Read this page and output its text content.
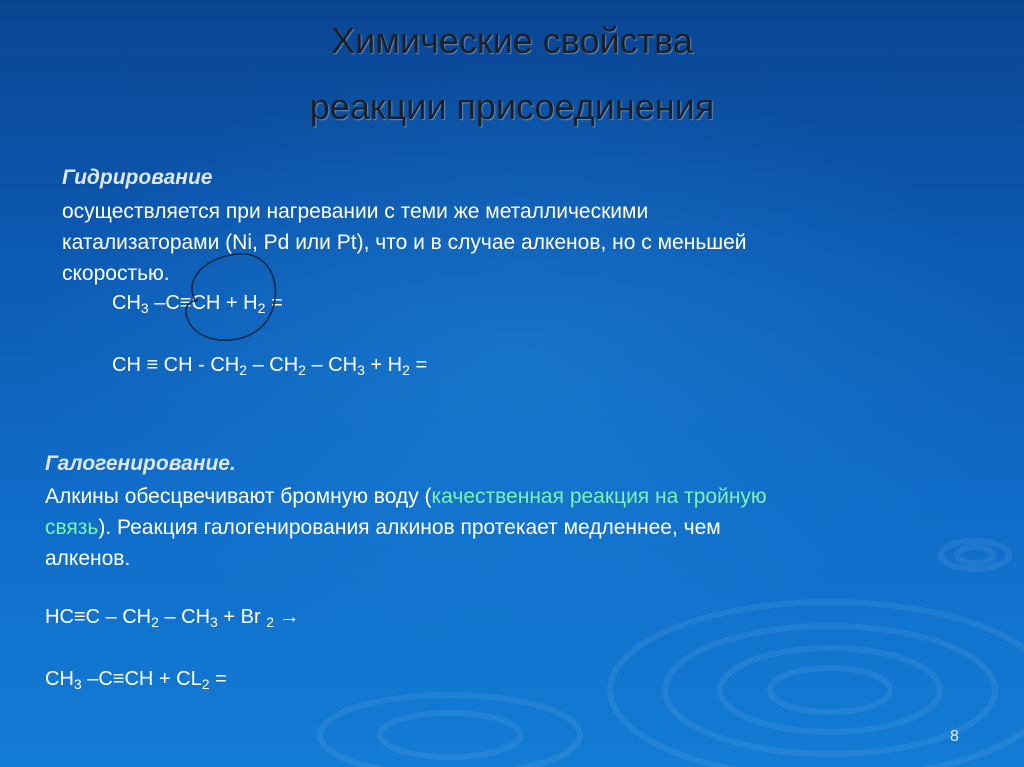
Химические свойства
реакции присоединения
Гидрирование
осуществляется при нагревании с теми же металлическими
катализаторами (Ni, Pd или Pt), что и в случае алкенов, но с меньшей
скоростью.
$CH_3$ $-C\equiv CH + H_2$ =
CH ≡ CH - $CH_2 - CH_2 - CH_3 + H_2$ =
Галогенирование.
Алкины обесцвечивают бромную воду (качественная реакция на тройную
связь). Реакция галогенирования алкинов протекает медленнее, чем
алкенов.
$HC\equiv C - CH_2 - CH_3 + Br$ $_2$ →
$CH_3$ $-C\equiv CH + CL_2$ =
8
